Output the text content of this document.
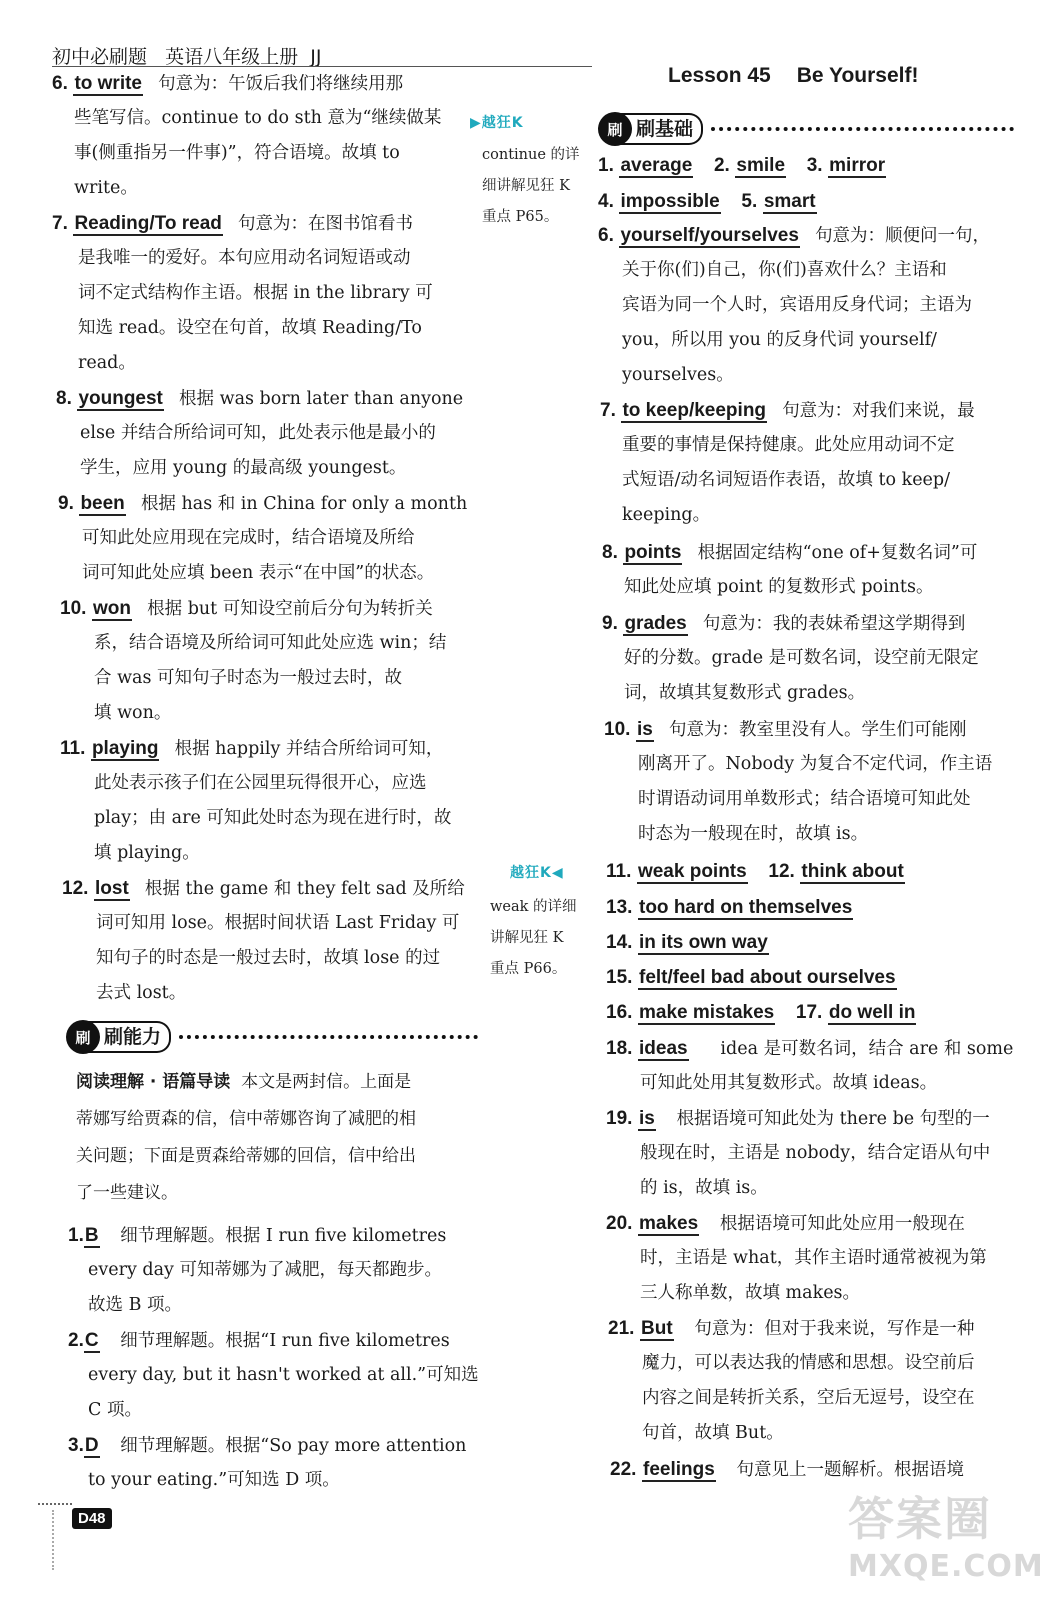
初中必刷题 英语八年级上册 JJ
Lesson 45 Be Yourself!
6. to write 句意为：午饭后我们将继续用那
些笔写信。continue to do sth 意为“继续做某
事(侧重指另一件事)”，符合语境。故填 to
write。
7. Reading/To read 句意为：在图书馆看书
是我唯一的爱好。本句应用动名词短语或动
词不定式结构作主语。根据 in the library 可
知选 read。设空在句首，故填 Reading/To
read。
8. youngest 根据 was born later than anyone
else 并结合所给词可知，此处表示他是最小的
学生，应用 young 的最高级 youngest。
9. been 根据 has 和 in China for only a month
可知此处应用现在完成时，结合语境及所给
词可知此处应填 been 表示“在中国”的状态。
10. won 根据 but 可知设空前后分句为转折关
系，结合语境及所给词可知此处应选 win；结
合 was 可知句子时态为一般过去时，故
填 won。
11. playing 根据 happily 并结合所给词可知，
此处表示孩子们在公园里玩得很开心，应选
play；由 are 可知此处时态为现在进行时，故
填 playing。
12. lost 根据 the game 和 they felt sad 及所给
词可知用 lose。根据时间状语 Last Friday 可
知句子的时态是一般过去时，故填 lose 的过
去式 lost。
▶越狂K
continue 的详
细讲解见狂 K
重点 P65。
越狂K◀
weak 的详细
讲解见狂 K
重点 P66。
刷 刷能力
阅读理解 · 语篇导读 本文是两封信。上面是
蒂娜写给贾森的信，信中蒂娜咨询了减肥的相
关问题；下面是贾森给蒂娜的回信，信中给出
了一些建议。
1.B 细节理解题。根据 I run five kilometres
every day 可知蒂娜为了减肥，每天都跑步。
故选 B 项。
2.C 细节理解题。根据“I run five kilometres
every day, but it hasn't worked at all.”可知选
C 项。
3.D 细节理解题。根据“So pay more attention
to your eating.”可知选 D 项。
刷 刷基础
1. average 2. smile 3. mirror
4. impossible 5. smart
6. yourself/yourselves 句意为：顺便问一句，
关于你(们)自己，你(们)喜欢什么？主语和
宾语为同一个人时，宾语用反身代词；主语为
you，所以用 you 的反身代词 yourself/
yourselves。
7. to keep/keeping 句意为：对我们来说，最
重要的事情是保持健康。此处应用动词不定
式短语/动名词短语作表语，故填 to keep/
keeping。
8. points 根据固定结构“one of+复数名词”可
知此处应填 point 的复数形式 points。
9. grades 句意为：我的表妹希望这学期得到
好的分数。grade 是可数名词，设空前无限定
词，故填其复数形式 grades。
10. is 句意为：教室里没有人。学生们可能刚
刚离开了。Nobody 为复合不定代词，作主语
时谓语动词用单数形式；结合语境可知此处
时态为一般现在时，故填 is。
11. weak points 12. think about
13. too hard on themselves
14. in its own way
15. felt/feel bad about ourselves
16. make mistakes 17. do well in
18. ideas idea 是可数名词，结合 are 和 some
可知此处用其复数形式。故填 ideas。
19. is 根据语境可知此处为 there be 句型的一
般现在时，主语是 nobody，结合定语从句中
的 is，故填 is。
20. makes 根据语境可知此处应用一般现在
时，主语是 what，其作主语时通常被视为第
三人称单数，故填 makes。
21. But 句意为：但对于我来说，写作是一种
魔力，可以表达我的情感和思想。设空前后
内容之间是转折关系，空后无逗号，设空在
句首，故填 But。
22. feelings 句意见上一题解析。根据语境
D48	答案圈
MXQE.COM
